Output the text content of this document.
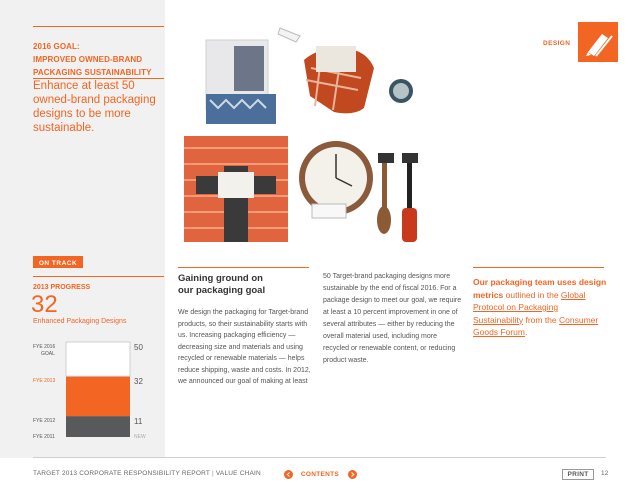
2016 GOAL:
IMPROVED OWNED-BRAND
PACKAGING SUSTAINABILITY
Enhance at least 50 owned-brand packaging designs to be more sustainable.
ON TRACK
2013 PROGRESS
32
Enhanced Packaging Designs
NEW
11
32
50
FYE 2011
FYE 2012
FYE 2013
FYE 2016
GOAL
DESIGN
Gaining ground on
our packaging goal
We design the packaging for Target-brand products, so their sustainability starts with us. Increasing packaging efficiency — decreasing size and materials and using recycled or renewable materials — helps reduce shipping, waste and costs. In 2012, we announced our goal of making at least
50 Target-brand packaging designs more sustainable by the end of fiscal 2016. For a package design to meet our goal, we require at least a 10 percent improvement in one of several attributes — either by reducing the overall material used, including more recycled or renewable content, or reducing product waste.
Our packaging team uses design metrics outlined in the Global Protocol on Packaging Sustainability from the Consumer Goods Forum.
TARGET 2013 CORPORATE RESPONSIBILITY REPORT | VALUE CHAIN	CONTENTS	PRINT	12
